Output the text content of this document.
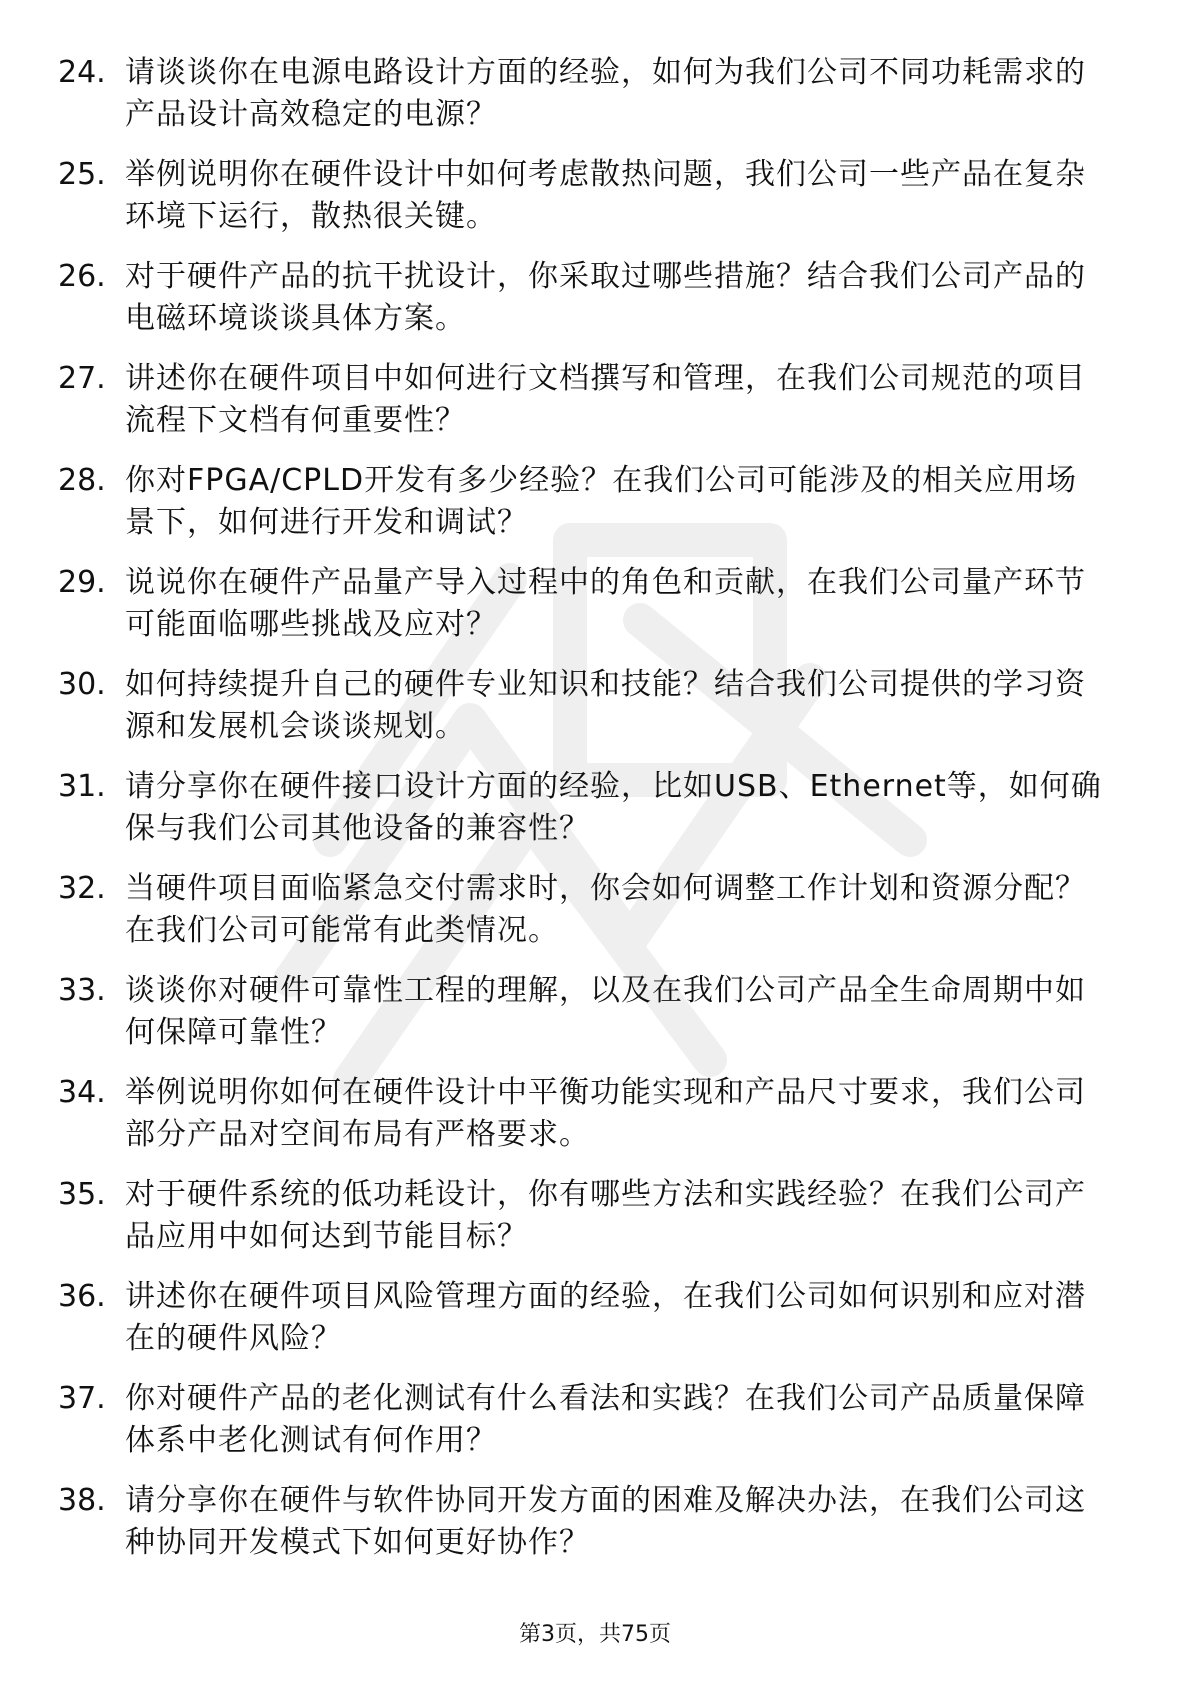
24. 请谈谈你在电源电路设计方面的经验，如何为我们公司不同功耗需求的产品设计高效稳定的电源？
25. 举例说明你在硬件设计中如何考虑散热问题，我们公司一些产品在复杂环境下运行，散热很关键。
26. 对于硬件产品的抗干扰设计，你采取过哪些措施？结合我们公司产品的电磁环境谈谈具体方案。
27. 讲述你在硬件项目中如何进行文档撰写和管理，在我们公司规范的项目流程下文档有何重要性？
28. 你对FPGA/CPLD开发有多少经验？在我们公司可能涉及的相关应用场景下，如何进行开发和调试？
29. 说说你在硬件产品量产导入过程中的角色和贡献，在我们公司量产环节可能面临哪些挑战及应对？
30. 如何持续提升自己的硬件专业知识和技能？结合我们公司提供的学习资源和发展机会谈谈规划。
31. 请分享你在硬件接口设计方面的经验，比如USB、Ethernet等，如何确保与我们公司其他设备的兼容性？
32. 当硬件项目面临紧急交付需求时，你会如何调整工作计划和资源分配？在我们公司可能常有此类情况。
33. 谈谈你对硬件可靠性工程的理解，以及在我们公司产品全生命周期中如何保障可靠性？
34. 举例说明你如何在硬件设计中平衡功能实现和产品尺寸要求，我们公司部分产品对空间布局有严格要求。
35. 对于硬件系统的低功耗设计，你有哪些方法和实践经验？在我们公司产品应用中如何达到节能目标？
36. 讲述你在硬件项目风险管理方面的经验，在我们公司如何识别和应对潜在的硬件风险？
37. 你对硬件产品的老化测试有什么看法和实践？在我们公司产品质量保障体系中老化测试有何作用？
38. 请分享你在硬件与软件协同开发方面的困难及解决办法，在我们公司这种协同开发模式下如何更好协作？
第3页，共75页
